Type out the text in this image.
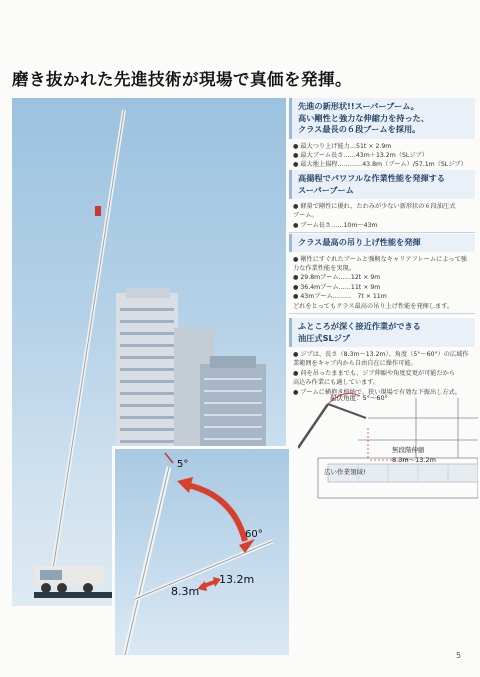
磨き抜かれた先進技術が現場で真価を発揮。
5°
60°
8.3m
13.2m
先進の新形状!!スーパーブーム。
高い剛性と強力な伸縮力を持った、
クラス最長の６段ブームを採用。
● 最大つり上げ能力…51t × 2.9m
● 最大ブーム長さ……43m＋13.2m（SLジブ）
● 最大地上揚程…………43.8m（ブーム）/57.1m（SLジブ）
高揚程でパワフルな作業性能を発揮する
スーパーブーム
● 軽量で剛性に優れ、たわみが少ない新形状の６段油圧式
ブーム。
● ブーム長さ……10m～43m
クラス最高の吊り上げ性能を発揮
● 剛性にすぐれたブームと強靭なキャリアフレームによって強
力な作業性能を実現。
● 29.8mブーム……12t × 9m
● 36.4mブーム……11t × 9m
● 43mブーム………　7t × 11m
どれをとってもクラス最高の吊り上げ性能を発揮します。
ふところが深く接近作業ができる
油圧式SLジブ
● ジブは、長さ（8.3m～13.2m）、角度（5°～60°）の広域作
業範囲をキャブ内から自由自在に操作可能。
● 荷を吊ったままでも、ジブ伸縮や角度変更が可能だから
高込み作業にも適しています。
● ブームに横抱き格納で、狭い現場で有効な下振出し方式。
起伏角度：5°～60°
広い作業領域!
無段階伸縮
8.3m～13.2m
5
